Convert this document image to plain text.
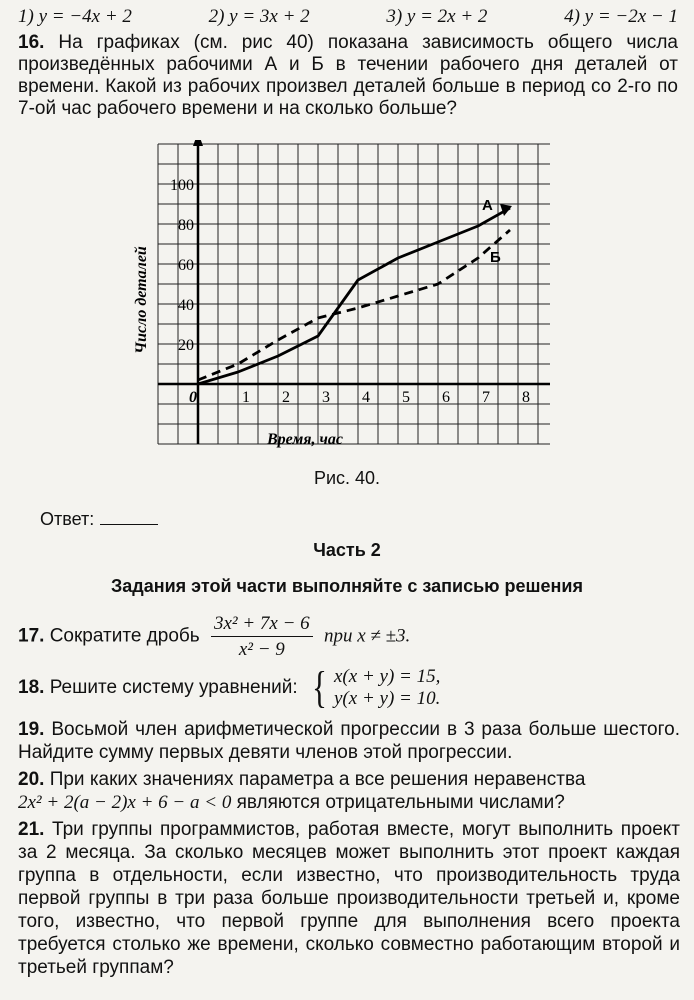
1) y = −4x + 2	2) y = 3x + 2	3) y = 2x + 2	4) y = −2x − 1
16. На графиках (см. рис 40) показана зависимость общего числа произведённых рабочими А и Б в течении рабочего дня деталей от времени. Какой из рабочих произвел деталей больше в период со 2-го по 7-ой час рабочего времени и на сколько больше?
0	1 2 3 4 5 6 7 8
20
40
60
80
100
А
Б
Время, час
Число деталей
Рис. 40.
Ответ:
Часть 2
Задания этой части выполняйте с записью решения
17. Сократите дробь $\frac{\text{3x² + 7x − 6}}{\text{x² − 9}}$ при x ≠ ±3.
18. Решите систему уравнений: { x(x + y) = 15,
y(x + y) = 10.
19. Восьмой член арифметической прогрессии в 3 раза больше шестого. Найдите сумму первых девяти членов этой прогрессии.
20. При каких значениях параметра a все решения неравенства
2x² + 2(a − 2)x + 6 − a < 0 являются отрицательными числами?
21. Три группы программистов, работая вместе, могут выполнить проект за 2 месяца. За сколько месяцев может выполнить этот проект каждая группа в отдельности, если известно, что производительность труда первой группы в три раза больше производительности третьей и, кроме того, известно, что первой группе для выполнения всего проекта требуется столько же времени, сколько совместно работающим второй и третьей группам?
